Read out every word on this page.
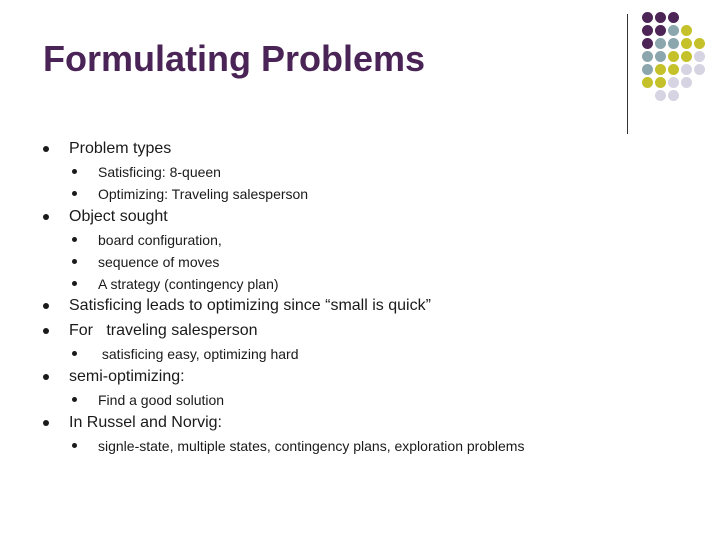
Formulating Problems
Problem types
Satisficing: 8-queen
Optimizing: Traveling salesperson
Object sought
board configuration,
sequence of moves
A strategy (contingency plan)
Satisficing leads to optimizing since “small is quick”
For   traveling salesperson
satisficing easy, optimizing hard
semi-optimizing:
Find a good solution
In Russel and Norvig:
signle-state, multiple states, contingency plans, exploration problems
